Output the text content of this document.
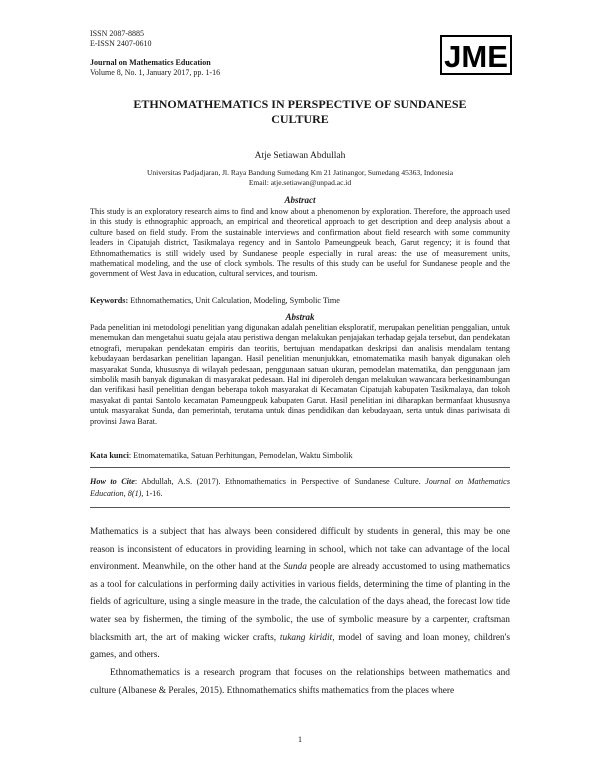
ISSN 2087-8885
E-ISSN 2407-0610
Journal on Mathematics Education
Volume 8, No. 1, January 2017, pp. 1-16	JME
ETHNOMATHEMATICS IN PERSPECTIVE OF SUNDANESE
CULTURE
Atje Setiawan Abdullah
Universitas Padjadjaran, Jl. Raya Bandung Sumedang Km 21 Jatinangor, Sumedang 45363, Indonesia
Email: atje.setiawan@unpad.ac.id
Abstract

This study is an exploratory research aims to find and know about a phenomenon by exploration. Therefore, the approach used in this study is ethnographic approach, an empirical and theoretical approach to get description and deep analysis about a culture based on field study. From the sustainable interviews and confirmation about field research with some community leaders in Cipatujah district, Tasikmalaya regency and in Santolo Pameungpeuk beach, Garut regency; it is found that Ethnomathematics is still widely used by Sundanese people especially in rural areas: the use of measurement units, mathematical modeling, and the use of clock symbols. The results of this study can be useful for Sundanese people and the government of West Java in education, cultural services, and tourism.

Keywords: Ethnomathematics, Unit Calculation, Modeling, Symbolic Time
Abstrak

Pada penelitian ini metodologi penelitian yang digunakan adalah penelitian eksploratif, merupakan penelitian penggalian, untuk menemukan dan mengetahui suatu gejala atau peristiwa dengan melakukan penjajakan terhadap gejala tersebut, dan pendekatan etnografi, merupakan pendekatan empiris dan teoritis, bertujuan mendapatkan deskripsi dan analisis mendalam tentang kebudayaan berdasarkan penelitian lapangan. Hasil penelitian menunjukkan, etnomatematika masih banyak digunakan oleh masyarakat Sunda, khususnya di wilayah pedesaan, penggunaan satuan ukuran, pemodelan matematika, dan penggunaan jam simbolik masih banyak digunakan di masyarakat pedesaan. Hal ini diperoleh dengan melakukan wawancara berkesinambungan dan verifikasi hasil penelitian dengan beberapa tokoh masyarakat di Kecamatan Cipatujah kabupaten Tasikmalaya, dan tokoh masyakat di pantai Santolo kecamatan Pameungpeuk kabupaten Garut. Hasil penelitian ini diharapkan bermanfaat khususnya untuk masyarakat Sunda, dan pemerintah, terutama untuk dinas pendidikan dan kebudayaan, serta untuk dinas pariwisata di provinsi Jawa Barat.

Kata kunci: Etnomatematika, Satuan Perhitungan, Pemodelan, Waktu Simbolik
How to Cite: Abdullah, A.S. (2017). Ethnomathematics in Perspective of Sundanese Culture. Journal on Mathematics Education, 8(1), 1-16.

Mathematics is a subject that has always been considered difficult by students in general, this may be one reason is inconsistent of educators in providing learning in school, which not take can advantage of the local environment. Meanwhile, on the other hand at the Sunda people are already accustomed to using mathematics as a tool for calculations in performing daily activities in various fields, determining the time of planting in the fields of agriculture, using a single measure in the trade, the calculation of the days ahead, the forecast low tide water sea by fishermen, the timing of the symbolic, the use of symbolic measure by a carpenter, craftsman blacksmith art, the art of making wicker crafts, tukang kiridit, model of saving and loan money, children's games, and others.

Ethnomathematics is a research program that focuses on the relationships between mathematics and culture (Albanese & Perales, 2015). Ethnomathematics shifts mathematics from the places where

1
